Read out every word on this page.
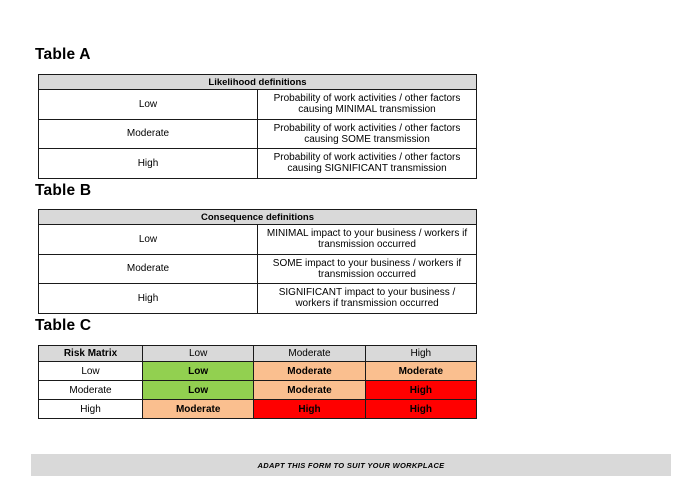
Table A
Likelihood definitions	
Low	Probability of work activities / other factors causing MINIMAL transmission
Moderate	Probability of work activities / other factors causing SOME transmission
High	Probability of work activities / other factors causing SIGNIFICANT transmission
Table B
Consequence definitions	
Low	MINIMAL impact to your business / workers if transmission occurred
Moderate	SOME impact to your business / workers if transmission occurred
High	SIGNIFICANT impact to your business / workers if transmission occurred
Table C
Risk Matrix	Low	Moderate	High
Low	Low	Moderate	Moderate
Moderate	Low	Moderate	High
High	Moderate	High	High
ADAPT THIS FORM TO SUIT YOUR WORKPLACE
